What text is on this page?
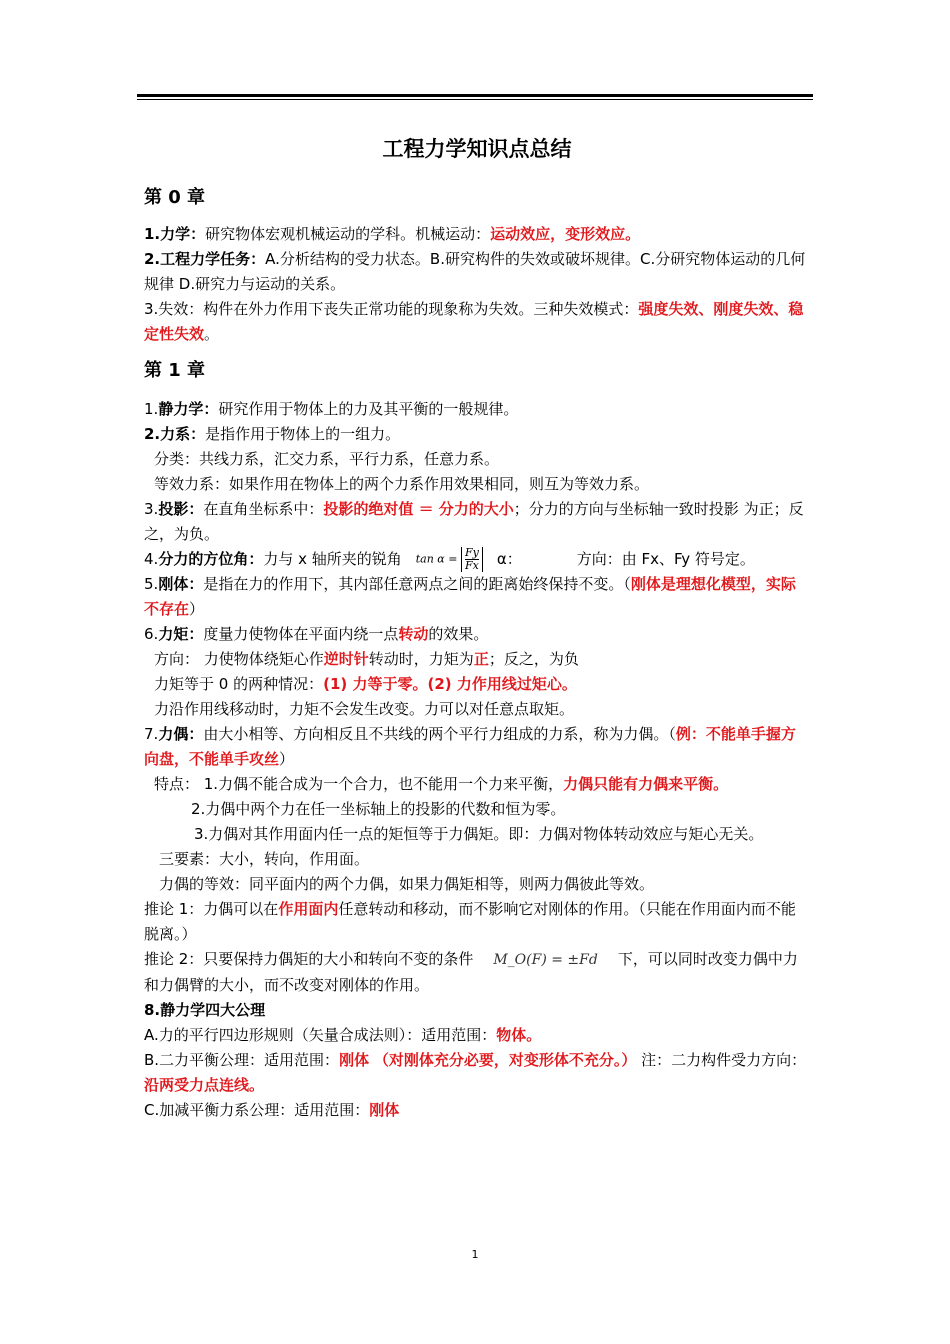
工程力学知识点总结
第 0 章

1.力学：研究物体宏观机械运动的学科。机械运动：运动效应，变形效应。

2.工程力学任务：A.分析结构的受力状态。B.研究构件的失效或破坏规律。C.分研究物体运动的几何规律 D.研究力与运动的关系。

3.失效：构件在外力作用下丧失正常功能的现象称为失效。三种失效模式：强度失效、刚度失效、稳定性失效。

第 1 章

1.静力学：研究作用于物体上的力及其平衡的一般规律。

2.力系：是指作用于物体上的一组力。

分类：共线力系，汇交力系，平行力系，任意力系。

等效力系：如果作用在物体上的两个力系作用效果相同，则互为等效力系。

3.投影：在直角坐标系中：投影的绝对值 ＝ 分力的大小；分力的方向与坐标轴一致时投影 为正；反之，为负。

4.分力的方位角：力与 x 轴所夹的锐角 $\tan \alpha = \frac{Fy}{Fx}$ α：	方向：由 Fx、Fy 符号定。

5.刚体：是指在力的作用下，其内部任意两点之间的距离始终保持不变。（刚体是理想化模型，实际不存在）

6.力矩：度量力使物体在平面内绕一点转动的效果。

方向： 力使物体绕矩心作逆时针转动时，力矩为正；反之，为负

力矩等于 0 的两种情况：(1) 力等于零。(2) 力作用线过矩心。

力沿作用线移动时，力矩不会发生改变。力可以对任意点取矩。

7.力偶：由大小相等、方向相反且不共线的两个平行力组成的力系，称为力偶。（例：不能单手握方向盘，不能单手攻丝）

特点： 1.力偶不能合成为一个合力，也不能用一个力来平衡，力偶只能有力偶来平衡。

2.力偶中两个力在任一坐标轴上的投影的代数和恒为零。

3.力偶对其作用面内任一点的矩恒等于力偶矩。即：力偶对物体转动效应与矩心无关。

三要素：大小，转向，作用面。

力偶的等效：同平面内的两个力偶，如果力偶矩相等，则两力偶彼此等效。

推论 1：力偶可以在作用面内任意转动和移动，而不影响它对刚体的作用。（只能在作用面内而不能脱离。）

推论 2：只要保持力偶矩的大小和转向不变的条件 M_O(F) = ±Fd 下，可以同时改变力偶中力和力偶臂的大小，而不改变对刚体的作用。

8.静力学四大公理

A.力的平行四边形规则（矢量合成法则）：适用范围：物体。

B.二力平衡公理：适用范围：刚体 （对刚体充分必要，对变形体不充分。） 注：二力构件受力方向：沿两受力点连线。

C.加减平衡力系公理：适用范围：刚体

1
